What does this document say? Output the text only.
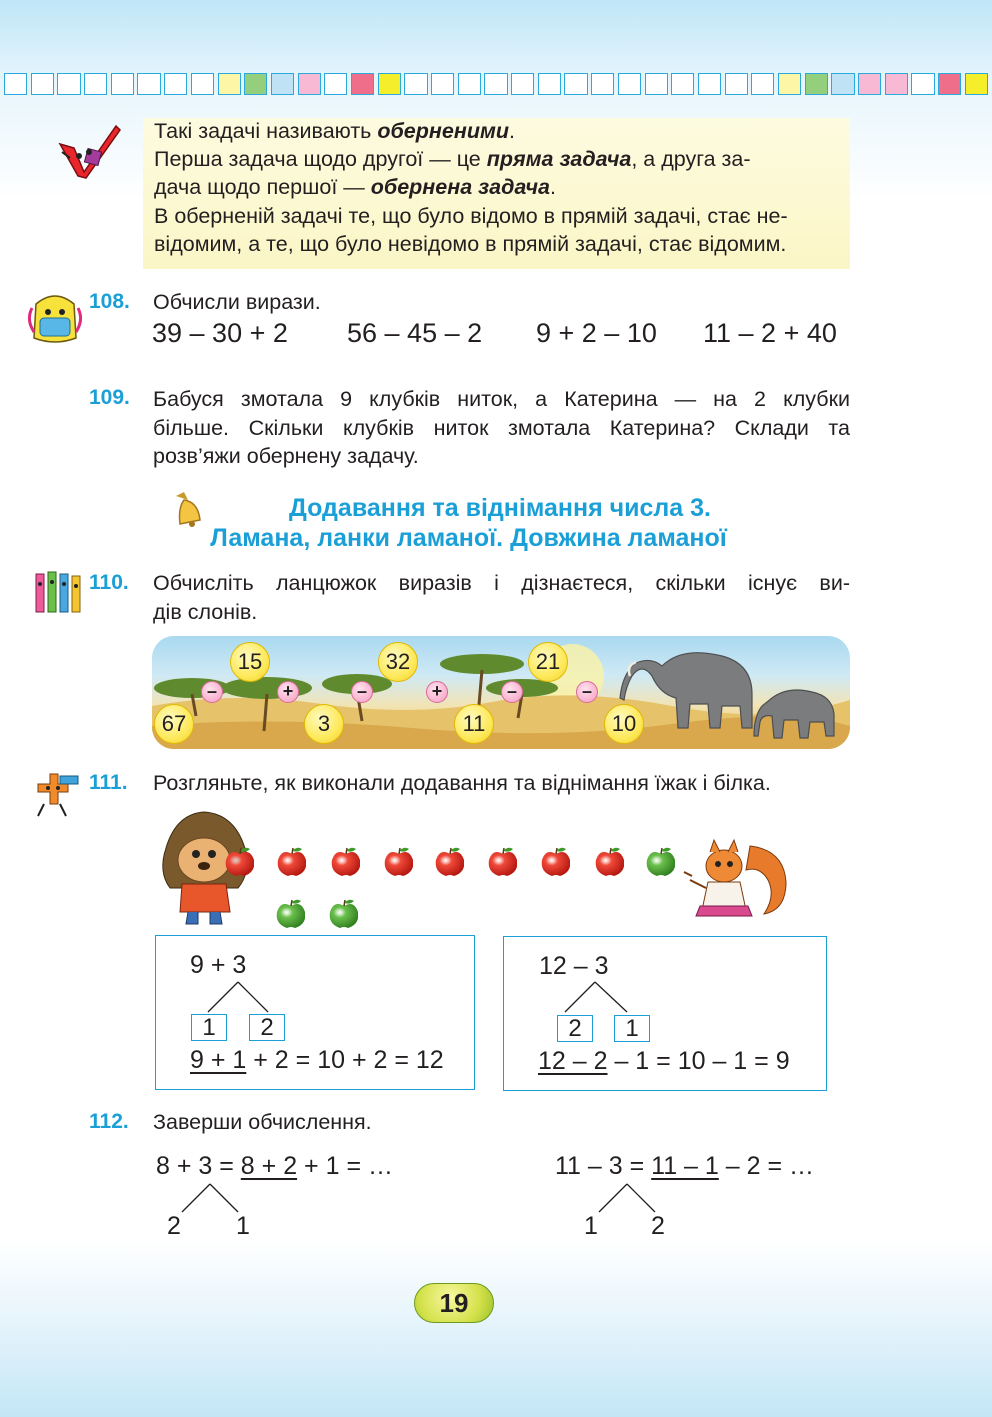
Такі задачі називають оберненими.
Перша задача щодо другої — це пряма задача, а друга за-
дача щодо першої — обернена задача.
В оберненій задачі те, що було відомо в прямій задачі, стає не-
відомим, а те, що було невідомо в прямій задачі, стає відомим.
108. Обчисли вирази.
39 – 30 + 2 56 – 45 – 2 9 + 2 – 10 11 – 2 + 40
109. Бабуся змотала 9 клубків ниток, а Катерина — на 2 клубки
більше. Скільки клубків ниток змотала Катерина? Склади та
розв’яжи обернену задачу.
Додавання та віднімання числа 3.
Ламана, ланки ламаної. Довжина ламаної
110. Обчисліть ланцюжок виразів і дізнаєтеся, скільки існує ви-
дів слонів.
15	32	21
67	3	11	10
–	+	–	+	–	–
111. Розгляньте, як виконали додавання та віднімання їжак і білка.
9 + 3
1	2
9 + 1 + 2 = 10 + 2 = 12
12 – 3
2	1
12 – 2 – 1 = 10 – 1 = 9
112. Заверши обчислення.
8 + 3 = 8 + 2 + 1 = …
2 1
11 – 3 = 11 – 1 – 2 = …
1 2
19
